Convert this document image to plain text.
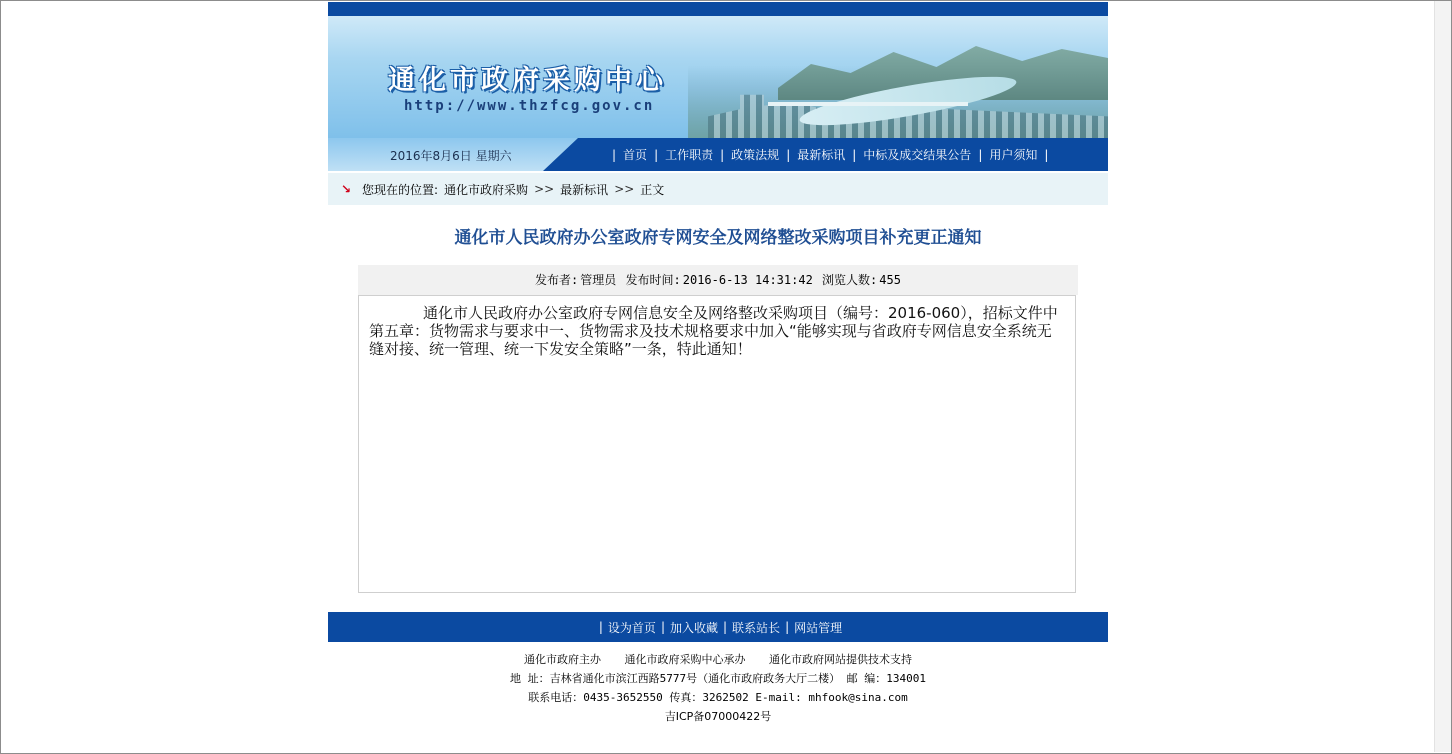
通化市政府采购中心
http://www.thzfcg.gov.cn
2016年8月6日 星期六	| 首页 | 工作职责 | 政策法规 | 最新标讯 | 中标及成交结果公告 | 用户须知 |
↘ 您现在的位置: 通化市政府采购 >> 最新标讯 >> 正文
通化市人民政府办公室政府专网安全及网络整改采购项目补充更正通知
发布者: 管理员 发布时间: 2016-6-13 14:31:42 浏览人数: 455

通化市人民政府办公室政府专网信息安全及网络整改采购项目（编号：2016-060），招标文件中第五章：货物需求与要求中一、货物需求及技术规格要求中加入“能够实现与省政府专网信息安全系统无缝对接、统一管理、统一下发安全策略”一条，特此通知！

| 设为首页 | 加入收藏 | 联系站长 | 网站管理
通化市政府主办 通化市政府采购中心承办 通化市政府网站提供技术支持
地 址：吉林省通化市滨江西路5777号（通化市政府政务大厅二楼） 邮 编：134001
联系电话：0435-3652550 传真：3262502 E-mail: mhfook@sina.com
吉ICP备07000422号
